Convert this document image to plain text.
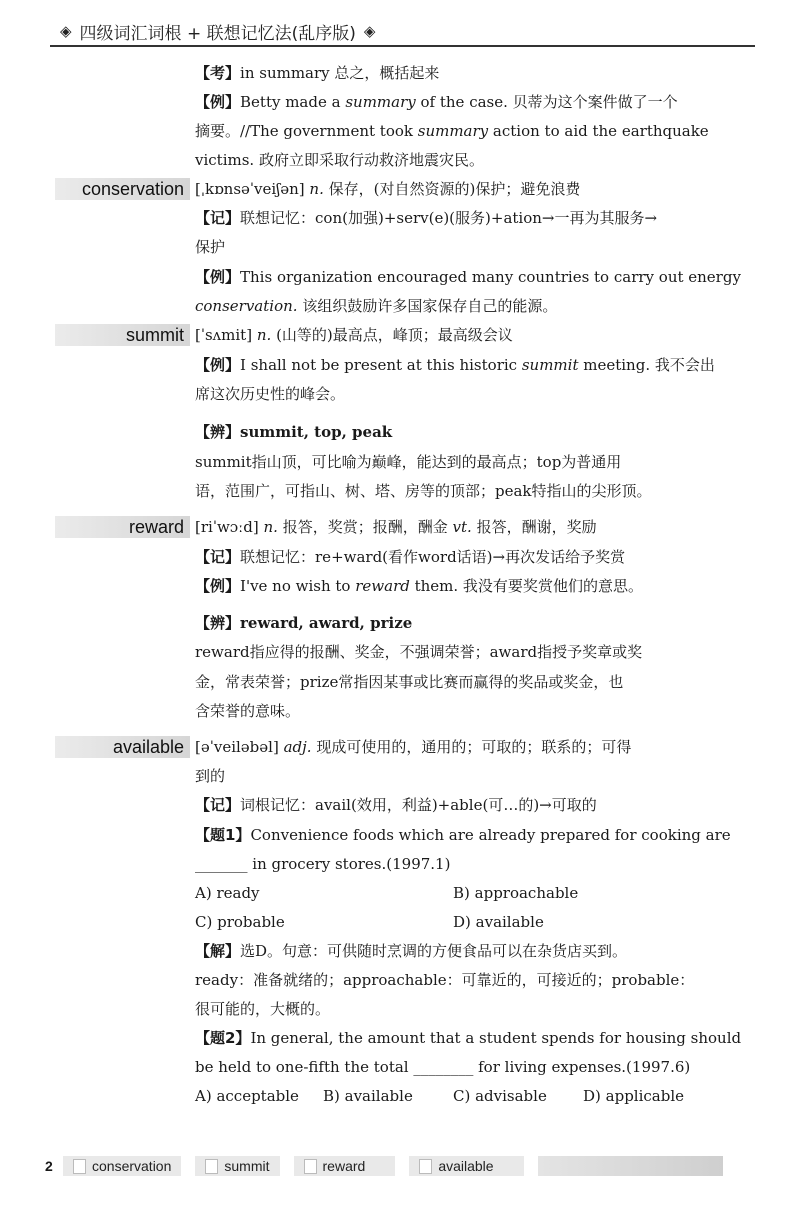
◈ 四级词汇词根 + 联想记忆法(乱序版) ◈
【考】in summary 总之，概括起来
【例】Betty made a summary of the case. 贝蒂为这个案件做了一个
摘要。//The government took summary action to aid the earthquake
victims. 政府立即采取行动救济地震灾民。
conservation [ˌkɒnsəˈveiʃən] n. 保存，(对自然资源的)保护；避免浪费
【记】联想记忆：con(加强)+serv(e)(服务)+ation→一再为其服务→
保护
【例】This organization encouraged many countries to carry out energy
conservation. 该组织鼓励许多国家保存自己的能源。
summit [ˈsʌmit] n. (山等的)最高点，峰顶；最高级会议
【例】I shall not be present at this historic summit meeting. 我不会出
席这次历史性的峰会。
【辨】summit, top, peak
summit指山顶，可比喻为巅峰，能达到的最高点；top为普通用
语，范围广，可指山、树、塔、房等的顶部；peak特指山的尖形顶。
reward [riˈwɔːd] n. 报答，奖赏；报酬，酬金 vt. 报答，酬谢，奖励
【记】联想记忆：re+ward(看作word话语)→再次发话给予奖赏
【例】I've no wish to reward them. 我没有要奖赏他们的意思。
【辨】reward, award, prize
reward指应得的报酬、奖金，不强调荣誉；award指授予奖章或奖
金，常表荣誉；prize常指因某事或比赛而赢得的奖品或奖金，也
含荣誉的意味。
available [əˈveiləbəl] adj. 现成可使用的，通用的；可取的；联系的；可得
到的
【记】词根记忆：avail(效用，利益)+able(可…的)→可取的
【题1】Convenience foods which are already prepared for cooking are
_______ in grocery stores.(1997.1)
A) ready	B) approachable
C) probable	D) available
【解】选D。句意：可供随时烹调的方便食品可以在杂货店买到。
ready：准备就绪的；approachable：可靠近的，可接近的；probable：
很可能的，大概的。
【题2】In general, the amount that a student spends for housing should
be held to one-fifth the total ________ for living expenses.(1997.6)
A) acceptable B) available	C) advisable D) applicable
2	conservation	summit	reward	available
